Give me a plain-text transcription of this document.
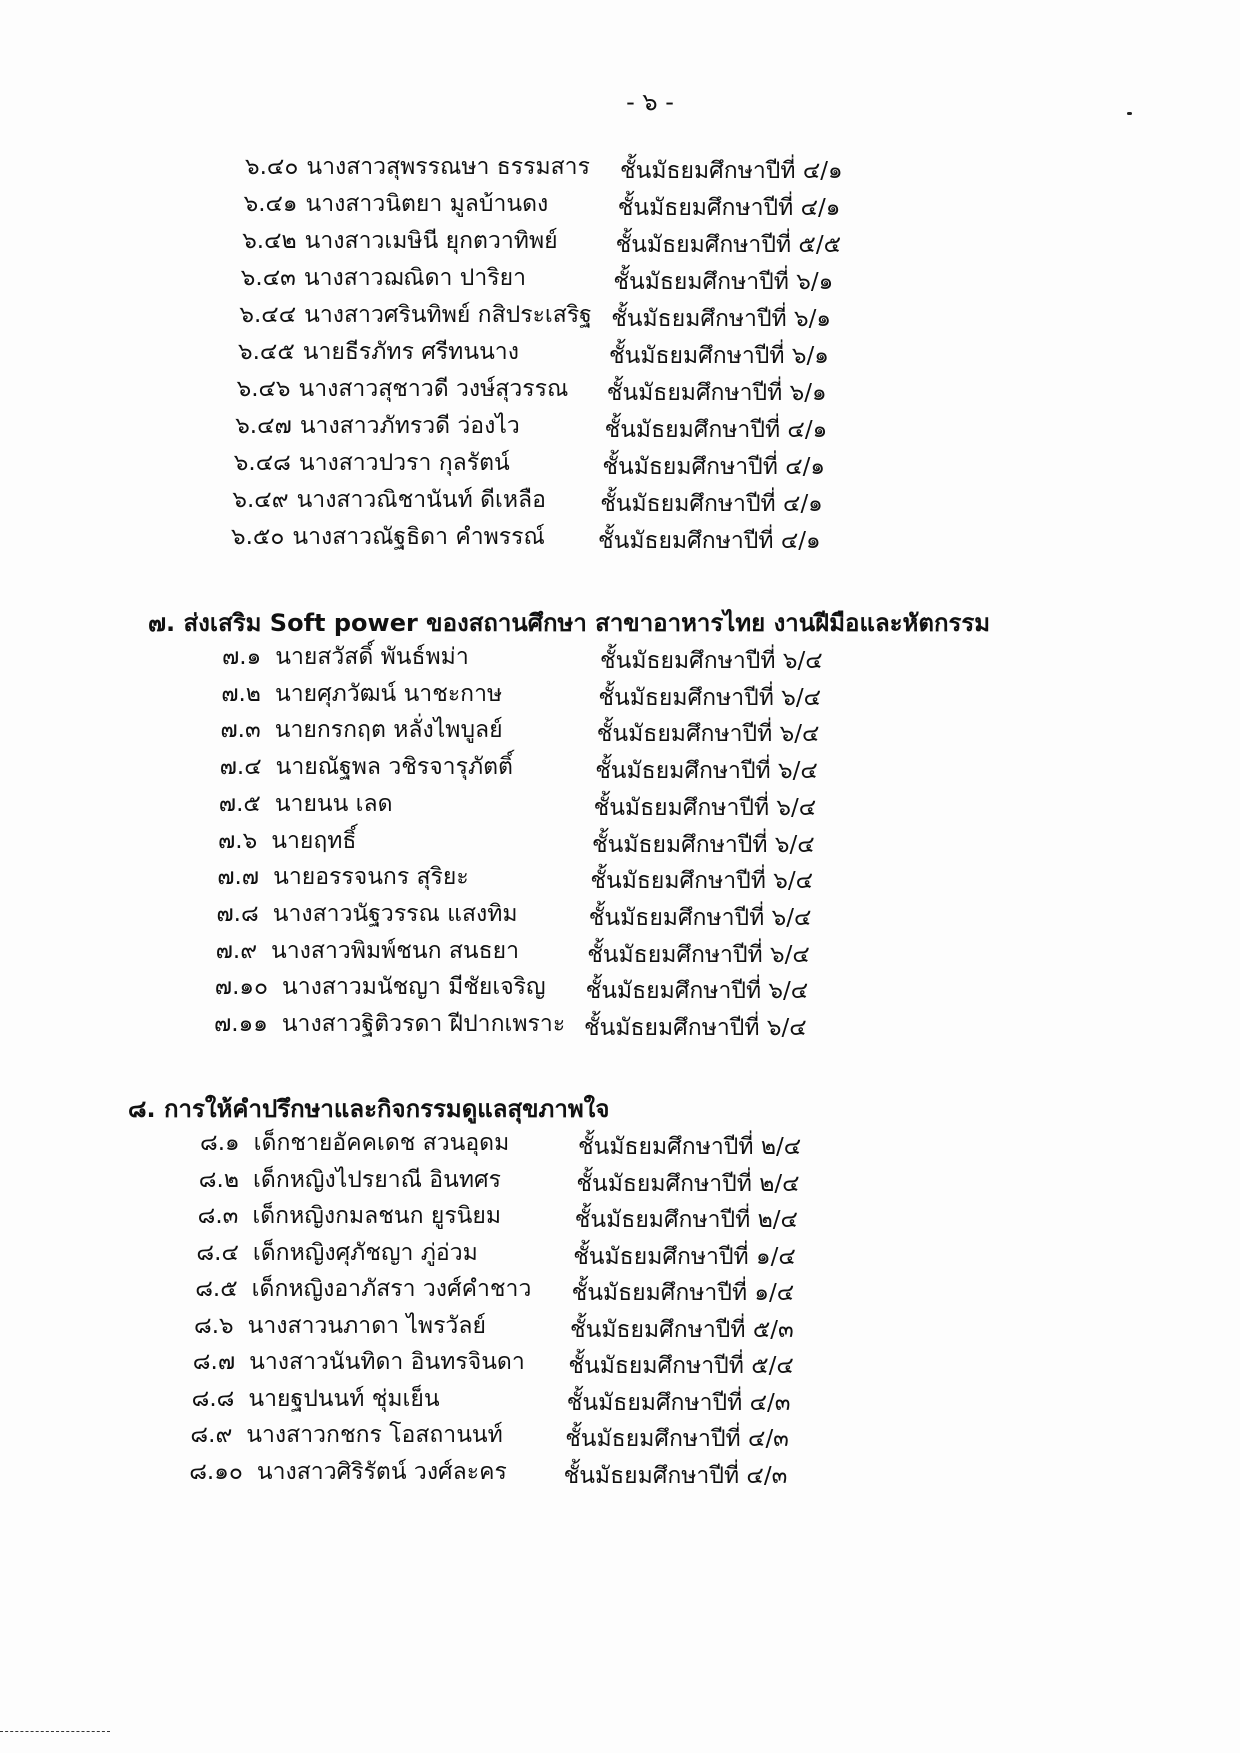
- ๖ -
๖.๔๐ นางสาวสุพรรณษา ธรรมสาร ชั้นมัธยมศึกษาปีที่ ๔/๑
๖.๔๑ นางสาวนิตยา มูลบ้านดง	ชั้นมัธยมศึกษาปีที่ ๔/๑
๖.๔๒ นางสาวเมษินี ยุกตวาทิพย์	ชั้นมัธยมศึกษาปีที่ ๕/๕
๖.๔๓ นางสาวฌณิดา ปาริยา	ชั้นมัธยมศึกษาปีที่ ๖/๑
๖.๔๔ นางสาวศรินทิพย์ กสิประเสริฐ ชั้นมัธยมศึกษาปีที่ ๖/๑
๖.๔๕ นายธีรภัทร ศรีทนนาง	ชั้นมัธยมศึกษาปีที่ ๖/๑
๖.๔๖ นางสาวสุชาวดี วงษ์สุวรรณ ชั้นมัธยมศึกษาปีที่ ๖/๑
๖.๔๗ นางสาวภัทรวดี ว่องไว	ชั้นมัธยมศึกษาปีที่ ๔/๑
๖.๔๘ นางสาวปวรา กุลรัตน์	ชั้นมัธยมศึกษาปีที่ ๔/๑
๖.๔๙ นางสาวณิชานันท์ ดีเหลือ ชั้นมัธยมศึกษาปีที่ ๔/๑
๖.๕๐ นางสาวณัฐธิดา คำพรรณ์ ชั้นมัธยมศึกษาปีที่ ๔/๑
๗. ส่งเสริม Soft power ของสถานศึกษา สาขาอาหารไทย งานฝีมือและหัตกรรม
๗.๑ นายสวัสดิ์ พันธ์พม่า	ชั้นมัธยมศึกษาปีที่ ๖/๔
๗.๒ นายศุภวัฒน์ นาชะกาษ	ชั้นมัธยมศึกษาปีที่ ๖/๔
๗.๓ นายกรกฤต หลั่งไพบูลย์	ชั้นมัธยมศึกษาปีที่ ๖/๔
๗.๔ นายณัฐพล วชิรจารุภัตติ์	ชั้นมัธยมศึกษาปีที่ ๖/๔
๗.๕ นายนน เลด	ชั้นมัธยมศึกษาปีที่ ๖/๔
๗.๖ นายฤทธิ์	ชั้นมัธยมศึกษาปีที่ ๖/๔
๗.๗ นายอรรจนกร สุริยะ	ชั้นมัธยมศึกษาปีที่ ๖/๔
๗.๘ นางสาวนัฐวรรณ แสงทิม	ชั้นมัธยมศึกษาปีที่ ๖/๔
๗.๙ นางสาวพิมพ์ชนก สนธยา	ชั้นมัธยมศึกษาปีที่ ๖/๔
๗.๑๐ นางสาวมนัชญา มีชัยเจริญ ชั้นมัธยมศึกษาปีที่ ๖/๔
๗.๑๑ นางสาวฐิติวรดา ฝีปากเพราะ ชั้นมัธยมศึกษาปีที่ ๖/๔
๘. การให้คำปรึกษาและกิจกรรมดูแลสุขภาพใจ
๘.๑ เด็กชายอัคคเดช สวนอุดม	ชั้นมัธยมศึกษาปีที่ ๒/๔
๘.๒ เด็กหญิงไปรยาณี อินทศร	ชั้นมัธยมศึกษาปีที่ ๒/๔
๘.๓ เด็กหญิงกมลชนก ยูรนิยม	ชั้นมัธยมศึกษาปีที่ ๒/๔
๘.๔ เด็กหญิงศุภัชญา ภู่อ่วม	ชั้นมัธยมศึกษาปีที่ ๑/๔
๘.๕ เด็กหญิงอาภัสรา วงศ์คำชาว ชั้นมัธยมศึกษาปีที่ ๑/๔
๘.๖ นางสาวนภาดา ไพรวัลย์	ชั้นมัธยมศึกษาปีที่ ๕/๓
๘.๗ นางสาวนันทิดา อินทรจินดา ชั้นมัธยมศึกษาปีที่ ๕/๔
๘.๘ นายฐปนนท์ ชุ่มเย็น	ชั้นมัธยมศึกษาปีที่ ๔/๓
๘.๙ นางสาวกชกร โอสถานนท์	ชั้นมัธยมศึกษาปีที่ ๔/๓
๘.๑๐ นางสาวศิริรัตน์ วงศ์ละคร ชั้นมัธยมศึกษาปีที่ ๔/๓
